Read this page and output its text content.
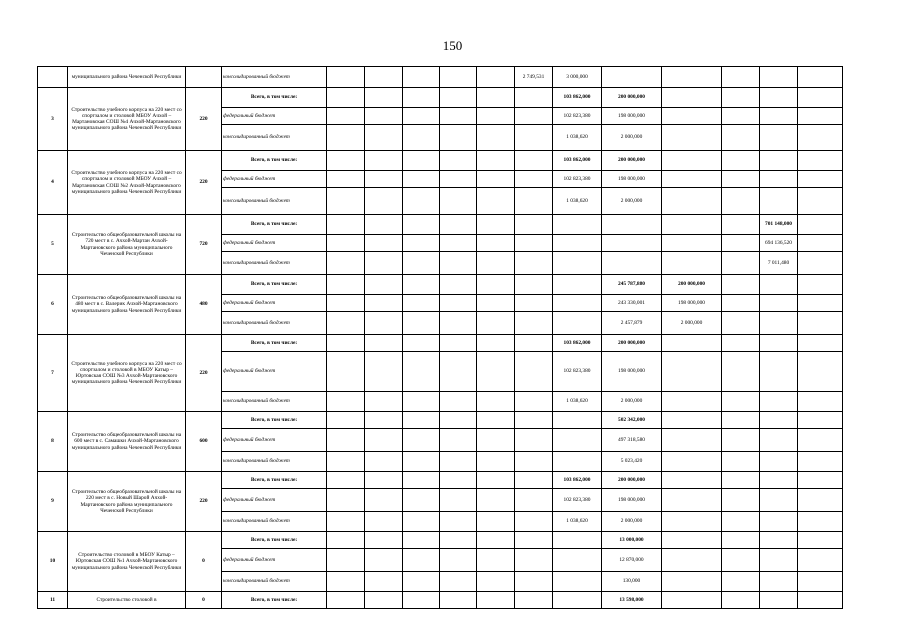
150
	муниципального района Чеченской Республики		консолидированный бюджет						2 749,531	3 000,000					
3	Строительство учебного корпуса на 220 мест со спортзалом и столовой МБОУ Ачхой – Мартановская СОШ №4 Ачхой-Мартановского муниципального района Чеченской Республики	220	Всего, в том числе:							103 862,000	200 000,000				
			федеральный бюджет							102 823,380	198 000,000				
			консолидированный бюджет							1 038,620	2 000,000				
4	Строительство учебного корпуса на 220 мест со спортзалом и столовой МБОУ Ачхой – Мартановская СОШ №2 Ачхой-Мартановского муниципального района Чеченской Республики	220	Всего, в том числе:							103 862,000	200 000,000				
			федеральный бюджет							102 823,380	198 000,000				
			консолидированный бюджет							1 038,620	2 000,000				
5	Строительство общеобразовательной школы на 720 мест в с. Ачхой-Мартан Ачхой-Мартановского района муниципального Чеченской Республики	720	Всего, в том числе:											701 148,000	
			федеральный бюджет											694 136,520	
			консолидированный бюджет											7 011,480	
6	Строительство общеобразовательной школы на 480 мест в с. Валерик Ачхой-Мартановского муниципального района Чеченской Республики	480	Всего, в том числе:								245 787,880	200 000,000			
			федеральный бюджет								243 330,001	198 000,000			
			консолидированный бюджет								2 457,879	2 000,000			
7	Строительство учебного корпуса на 220 мест со спортзалом и столовой в МБОУ Катыр – Юртовская СОШ №3 Ачхой-Мартановского муниципального района Чеченской Республики	220	Всего, в том числе:							103 862,000	200 000,000				
			федеральный бюджет							102 823,380	198 000,000				
			консолидированный бюджет							1 038,620	2 000,000				
8	Строительство общеобразовательной школы на 600 мест в с. Самашки Ачхой-Мартановского муниципального района Чеченской Республики	600	Всего, в том числе:								502 342,000				
			федеральный бюджет								497 318,580				
			консолидированный бюджет								5 023,420				
9	Строительство общеобразовательной школы на 220 мест в с. Новый Шарой Ачхой-Мартановского района муниципального Чеченской Республики	220	Всего, в том числе:							103 862,000	200 000,000				
			федеральный бюджет							102 823,380	198 000,000				
			консолидированный бюджет							1 038,620	2 000,000				
10	Строительство столовой в МБОУ Катыр – Юртовская СОШ №1 Ачхой-Мартановского муниципального района Чеченской Республики	0	Всего, в том числе:								13 000,000				
			федеральный бюджет								12 870,000				
			консолидированный бюджет								130,000				
11	Строительство столовой в	0	Всего, в том числе:								13 598,000				
